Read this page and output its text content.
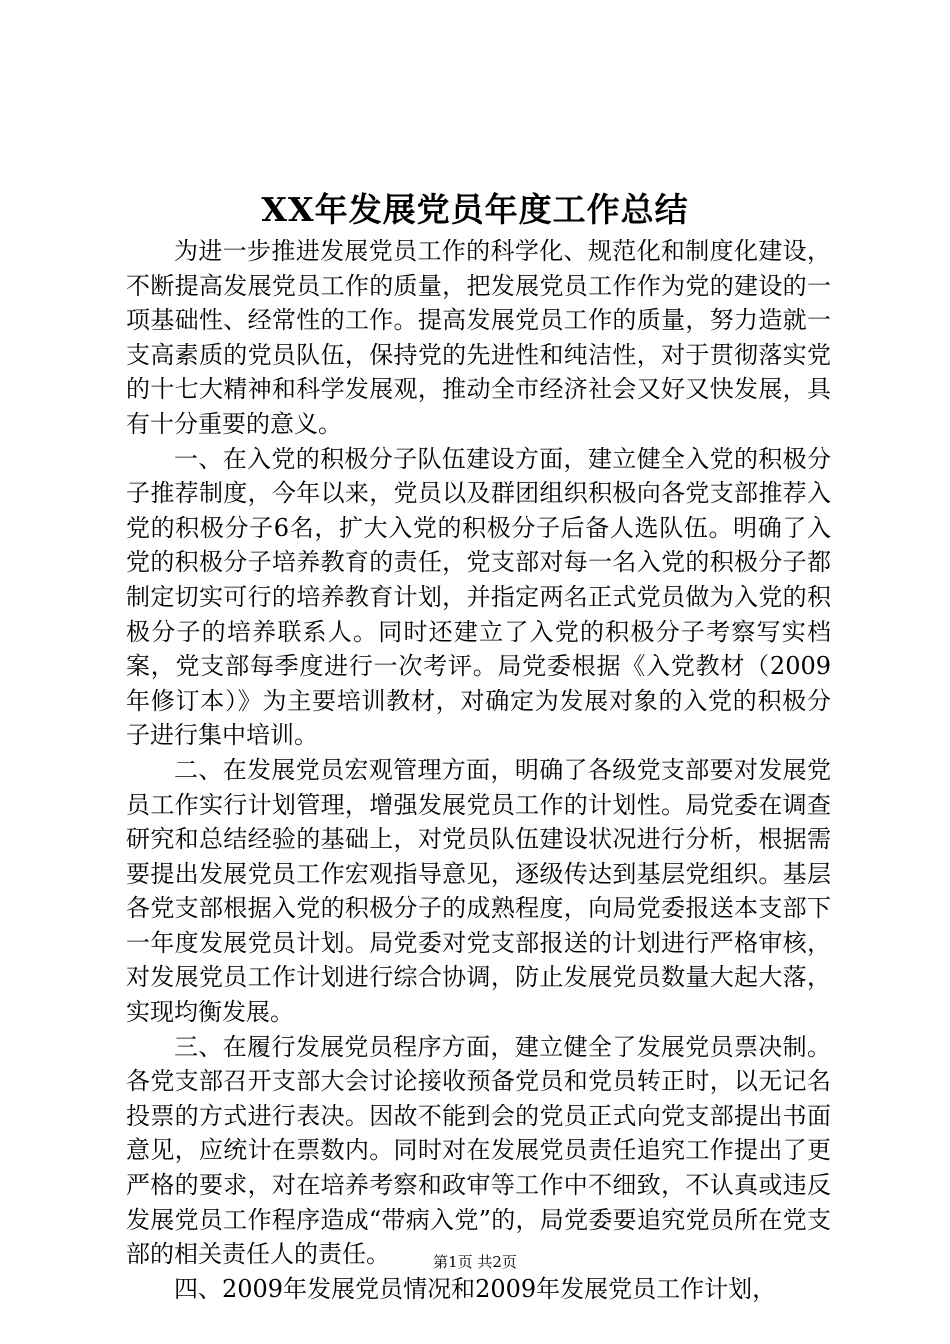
XX年发展党员年度工作总结

为进一步推进发展党员工作的科学化、规范化和制度化建设，不断提高发展党员工作的质量，把发展党员工作作为党的建设的一项基础性、经常性的工作。提高发展党员工作的质量，努力造就一支高素质的党员队伍，保持党的先进性和纯洁性，对于贯彻落实党的十七大精神和科学发展观，推动全市经济社会又好又快发展，具有十分重要的意义。

一、在入党的积极分子队伍建设方面，建立健全入党的积极分子推荐制度，今年以来，党员以及群团组织积极向各党支部推荐入党的积极分子6名，扩大入党的积极分子后备人选队伍。明确了入党的积极分子培养教育的责任，党支部对每一名入党的积极分子都制定切实可行的培养教育计划，并指定两名正式党员做为入党的积极分子的培养联系人。同时还建立了入党的积极分子考察写实档案，党支部每季度进行一次考评。局党委根据《入党教材（2009年修订本）》为主要培训教材，对确定为发展对象的入党的积极分子进行集中培训。

二、在发展党员宏观管理方面，明确了各级党支部要对发展党员工作实行计划管理，增强发展党员工作的计划性。局党委在调查研究和总结经验的基础上，对党员队伍建设状况进行分析，根据需要提出发展党员工作宏观指导意见，逐级传达到基层党组织。基层各党支部根据入党的积极分子的成熟程度，向局党委报送本支部下一年度发展党员计划。局党委对党支部报送的计划进行严格审核，对发展党员工作计划进行综合协调，防止发展党员数量大起大落，实现均衡发展。

三、在履行发展党员程序方面，建立健全了发展党员票决制。各党支部召开支部大会讨论接收预备党员和党员转正时，以无记名投票的方式进行表决。因故不能到会的党员正式向党支部提出书面意见，应统计在票数内。同时对在发展党员责任追究工作提出了更严格的要求，对在培养考察和政审等工作中不细致，不认真或违反发展党员工作程序造成“带病入党”的，局党委要追究党员所在党支部的相关责任人的责任。

四、2009年发展党员情况和2009年发展党员工作计划，

第1页 共2页
